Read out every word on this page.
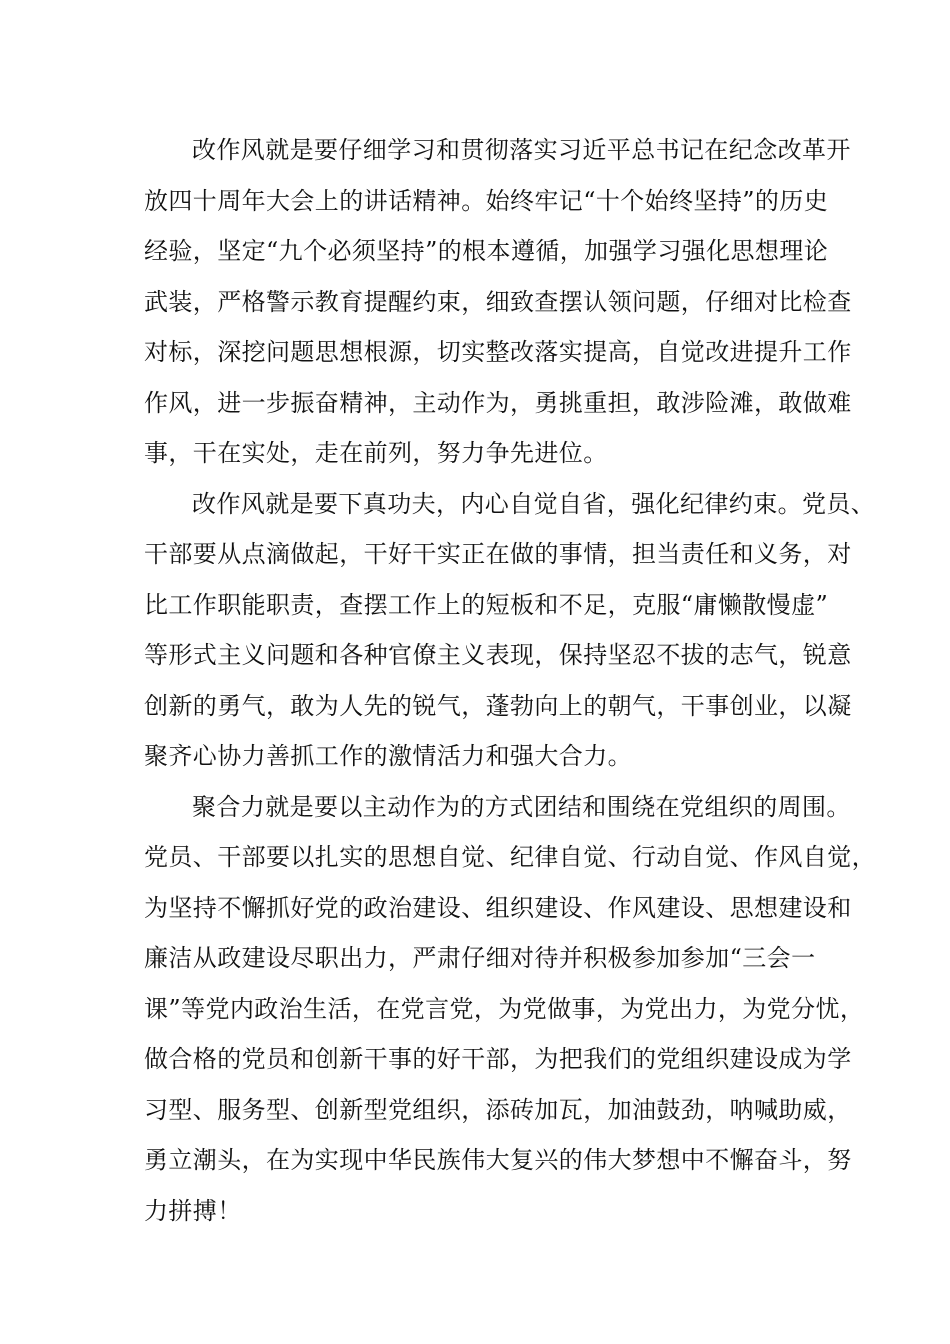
改作风就是要仔细学习和贯彻落实习近平总书记在纪念改革开
放四十周年大会上的讲话精神。始终牢记“十个始终坚持”的历史
经验，坚定“九个必须坚持”的根本遵循，加强学习强化思想理论
武装，严格警示教育提醒约束，细致查摆认领问题，仔细对比检查
对标，深挖问题思想根源，切实整改落实提高，自觉改进提升工作
作风，进一步振奋精神，主动作为，勇挑重担，敢涉险滩，敢做难
事，干在实处，走在前列，努力争先进位。
改作风就是要下真功夫，内心自觉自省，强化纪律约束。党员、
干部要从点滴做起，干好干实正在做的事情，担当责任和义务，对
比工作职能职责，查摆工作上的短板和不足，克服“庸懒散慢虚”
等形式主义问题和各种官僚主义表现，保持坚忍不拔的志气，锐意
创新的勇气，敢为人先的锐气，蓬勃向上的朝气，干事创业，以凝
聚齐心协力善抓工作的激情活力和强大合力。
聚合力就是要以主动作为的方式团结和围绕在党组织的周围。
党员、干部要以扎实的思想自觉、纪律自觉、行动自觉、作风自觉，
为坚持不懈抓好党的政治建设、组织建设、作风建设、思想建设和
廉洁从政建设尽职出力，严肃仔细对待并积极参加参加“三会一
课”等党内政治生活，在党言党，为党做事，为党出力，为党分忧，
做合格的党员和创新干事的好干部，为把我们的党组织建设成为学
习型、服务型、创新型党组织，添砖加瓦，加油鼓劲，呐喊助威，
勇立潮头，在为实现中华民族伟大复兴的伟大梦想中不懈奋斗，努
力拼搏！
